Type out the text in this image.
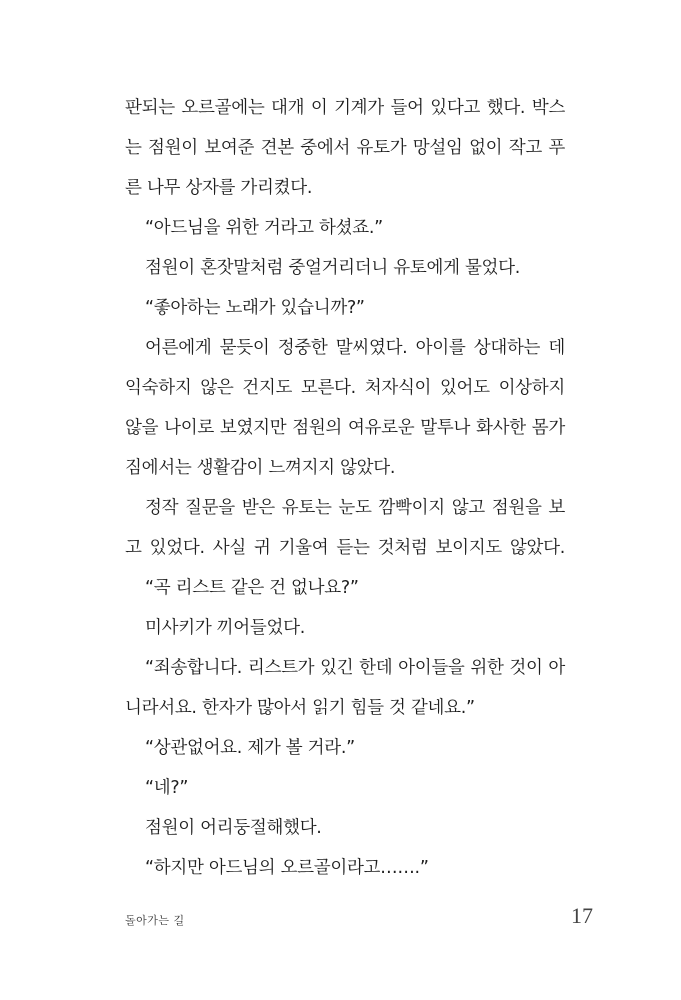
판되는 오르골에는 대개 이 기계가 들어 있다고 했다. 박스
는 점원이 보여준 견본 중에서 유토가 망설임 없이 작고 푸
른 나무 상자를 가리켰다.
“아드님을 위한 거라고 하셨죠.”
점원이 혼잣말처럼 중얼거리더니 유토에게 물었다.
“좋아하는 노래가 있습니까?”
어른에게 묻듯이 정중한 말씨였다. 아이를 상대하는 데
익숙하지 않은 건지도 모른다. 처자식이 있어도 이상하지
않을 나이로 보였지만 점원의 여유로운 말투나 화사한 몸가
짐에서는 생활감이 느껴지지 않았다.
정작 질문을 받은 유토는 눈도 깜빡이지 않고 점원을 보
고 있었다. 사실 귀 기울여 듣는 것처럼 보이지도 않았다.
“곡 리스트 같은 건 없나요?”
미사키가 끼어들었다.
“죄송합니다. 리스트가 있긴 한데 아이들을 위한 것이 아
니라서요. 한자가 많아서 읽기 힘들 것 같네요.”
“상관없어요. 제가 볼 거라.”
“네?”
점원이 어리둥절해했다.
“하지만 아드님의 오르골이라고…….”
돌아가는 길	17
